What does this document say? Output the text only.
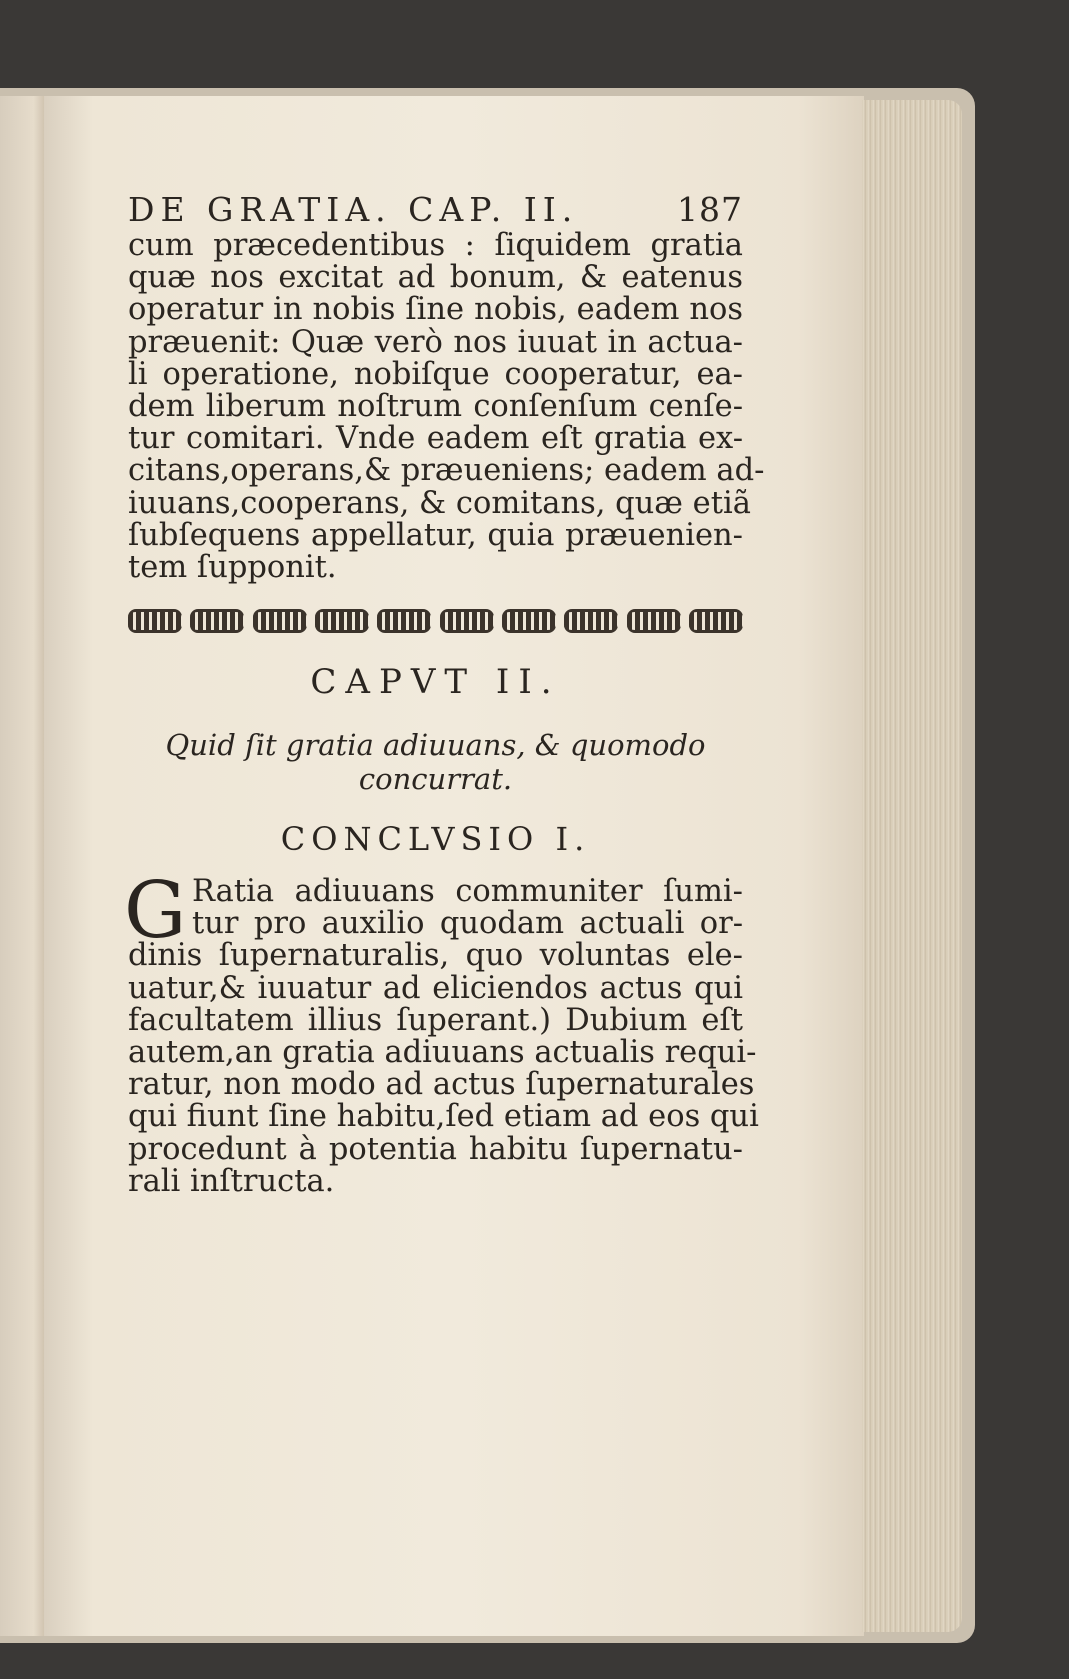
DE GRATIA. CAP. II.	187
cum præcedentibus : ſiquidem gratia
quæ nos excitat ad bonum, & eatenus
operatur in nobis ſine nobis, eadem nos
præuenit: Quæ verò nos iuuat in actua-
li operatione, nobiſque cooperatur, ea-
dem liberum noſtrum conſenſum cenſe-
tur comitari. Vnde eadem eſt gratia ex-
citans,operans,& præueniens; eadem ad-
iuuans,cooperans, & comitans, quæ etiã
ſubſequens appellatur, quia præuenien-
tem ſupponit.
CAPVT II.
Quid ſit gratia adiuuans, & quomodo
concurrat.
CONCLVSIO I.
G Ratia adiuuans communiter ſumi-
tur pro auxilio quodam actuali or-
dinis ſupernaturalis, quo voluntas ele-
uatur,& iuuatur ad eliciendos actus qui
facultatem illius ſuperant.) Dubium eſt
autem,an gratia adiuuans actualis requi-
ratur, non modo ad actus ſupernaturales
qui fiunt ſine habitu,ſed etiam ad eos qui
procedunt à potentia habitu ſupernatu-
rali inſtructa.
